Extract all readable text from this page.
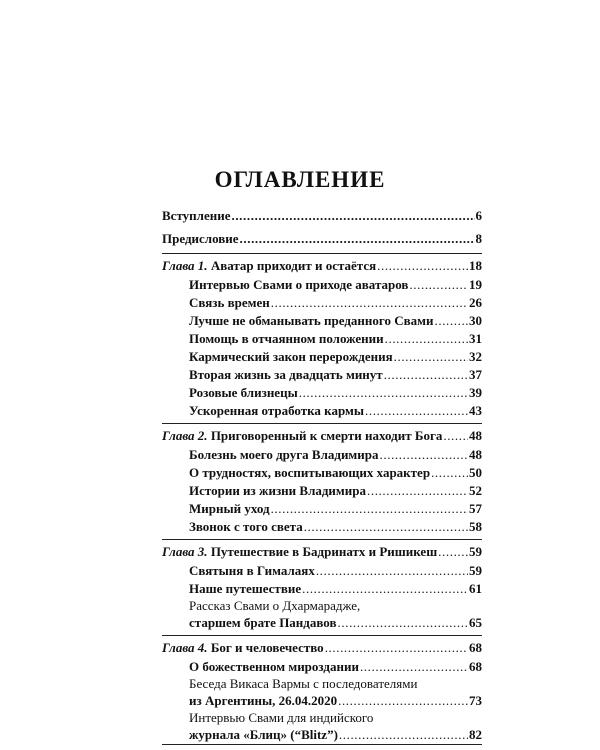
ОГЛАВЛЕНИЕ
Вступление .....	6
Предисловие .....	8
Глава 1. Аватар приходит и остаётся .....	18
Интервью Свами о приходе аватаров .....	19
Связь времен .....	26
Лучше не обманывать преданного Свами .....	30
Помощь в отчаянном положении .....	31
Кармический закон перерождения .....	32
Вторая жизнь за двадцать минут .....	37
Розовые близнецы .....	39
Ускоренная отработка кармы .....	43
Глава 2. Приговоренный к смерти находит Бога ..... 48
Болезнь моего друга Владимира .....	48
О трудностях, воспитывающих характер .....	50
Истории из жизни Владимира .....	52
Мирный уход .....	57
Звонок с того света .....	58
Глава 3. Путешествие в Бадринатх и Ришикеш ..... 59
Святыня в Гималаях .....	59
Наше путешествие .....	61
Рассказ Свами о Дхармарадже,
старшем брате Пандавов .....	65
Глава 4. Бог и человечество .....	68
О божественном мироздании .....	68
Беседа Викаса Вармы с последователями
из Аргентины, 26.04.2020 .....	73
Интервью Свами для индийского
журнала «Блиц» (“Blitz”) .....	82
